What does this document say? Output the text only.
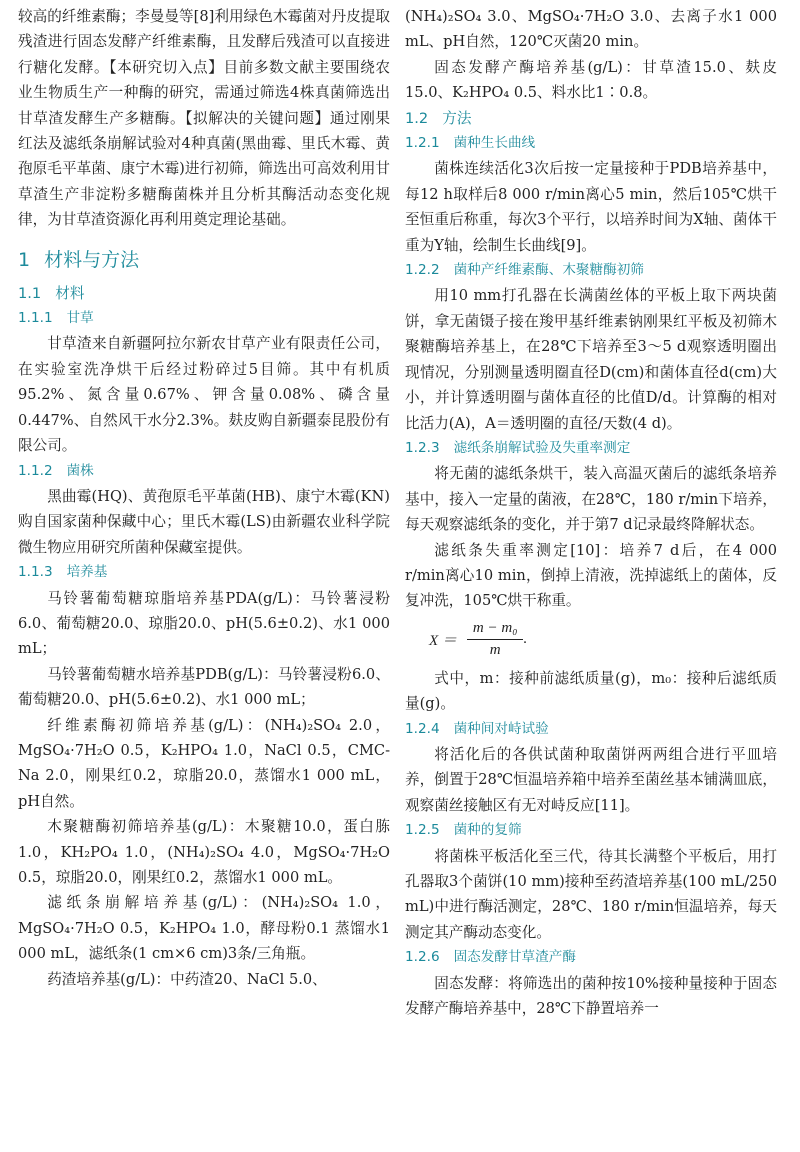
较高的纤维素酶；李曼曼等[8]利用绿色木霉菌对丹皮提取残渣进行固态发酵产纤维素酶，且发酵后残渣可以直接进行糖化发酵。【本研究切入点】目前多数文献主要围绕农业生物质生产一种酶的研究，需通过筛选4株真菌筛选出甘草渣发酵生产多糖酶。【拟解决的关键问题】通过刚果红法及滤纸条崩解试验对4种真菌(黑曲霉、里氏木霉、黄孢原毛平革菌、康宁木霉)进行初筛，筛选出可高效利用甘草渣生产非淀粉多糖酶菌株并且分析其酶活动态变化规律，为甘草渣资源化再利用奠定理论基础。

1 材料与方法
1.1 材料
1.1.1 甘草

甘草渣来自新疆阿拉尔新农甘草产业有限责任公司，在实验室洗净烘干后经过粉碎过5目筛。其中有机质95.2%、氮含量0.67%、钾含量0.08%、磷含量0.447%、自然风干水分2.3%。麸皮购自新疆泰昆股份有限公司。

1.1.2 菌株

黑曲霉(HQ)、黄孢原毛平革菌(HB)、康宁木霉(KN)购自国家菌种保藏中心；里氏木霉(LS)由新疆农业科学院微生物应用研究所菌种保藏室提供。

1.1.3 培养基

马铃薯葡萄糖琼脂培养基PDA(g/L)：马铃薯浸粉6.0、葡萄糖20.0、琼脂20.0、pH(5.6±0.2)、水1 000 mL；

马铃薯葡萄糖水培养基PDB(g/L)：马铃薯浸粉6.0、葡萄糖20.0、pH(5.6±0.2)、水1 000 mL；

纤维素酶初筛培养基(g/L)：(NH₄)₂SO₄ 2.0，MgSO₄·7H₂O 0.5，K₂HPO₄ 1.0，NaCl 0.5，CMC-Na 2.0，刚果红0.2，琼脂20.0，蒸馏水1 000 mL，pH自然。

木聚糖酶初筛培养基(g/L)：木聚糖10.0，蛋白胨1.0，KH₂PO₄ 1.0，(NH₄)₂SO₄ 4.0，MgSO₄·7H₂O 0.5，琼脂20.0，刚果红0.2，蒸馏水1 000 mL。

滤纸条崩解培养基(g/L)：(NH₄)₂SO₄ 1.0，MgSO₄·7H₂O 0.5，K₂HPO₄ 1.0，酵母粉0.1 蒸馏水1 000 mL，滤纸条(1 cm×6 cm)3条/三角瓶。

药渣培养基(g/L)：中药渣20、NaCl 5.0、

(NH₄)₂SO₄ 3.0、MgSO₄·7H₂O 3.0、去离子水1 000 mL、pH自然，120℃灭菌20 min。

固态发酵产酶培养基(g/L)：甘草渣15.0、麸皮15.0、K₂HPO₄ 0.5、料水比1∶0.8。

1.2 方法
1.2.1 菌种生长曲线

菌株连续活化3次后按一定量接种于PDB培养基中，每12 h取样后8 000 r/min离心5 min，然后105℃烘干至恒重后称重，每次3个平行，以培养时间为X轴、菌体干重为Y轴，绘制生长曲线[9]。

1.2.2 菌种产纤维素酶、木聚糖酶初筛

用10 mm打孔器在长满菌丝体的平板上取下两块菌饼，拿无菌镊子接在羧甲基纤维素钠刚果红平板及初筛木聚糖酶培养基上，在28℃下培养至3～5 d观察透明圈出现情况，分别测量透明圈直径D(cm)和菌体直径d(cm)大小，并计算透明圈与菌体直径的比值D/d。计算酶的相对比活力(A)，A＝透明圈的直径/天数(4 d)。

1.2.3 滤纸条崩解试验及失重率测定

将无菌的滤纸条烘干，装入高温灭菌后的滤纸条培养基中，接入一定量的菌液，在28℃，180 r/min下培养，每天观察滤纸条的变化，并于第7 d记录最终降解状态。

滤纸条失重率测定[10]：培养7 d后，在4 000 r/min离心10 min，倒掉上清液，洗掉滤纸上的菌体，反复冲洗，105℃烘干称重。

$X = \frac{\text{m − m₀}}{m}$ .

式中，m：接种前滤纸质量(g)，m₀：接种后滤纸质量(g)。

1.2.4 菌种间对峙试验

将活化后的各供试菌种取菌饼两两组合进行平皿培养，倒置于28℃恒温培养箱中培养至菌丝基本铺满皿底，观察菌丝接触区有无对峙反应[11]。

1.2.5 菌种的复筛

将菌株平板活化至三代，待其长满整个平板后，用打孔器取3个菌饼(10 mm)接种至药渣培养基(100 mL/250 mL)中进行酶活测定，28℃、180 r/min恒温培养，每天测定其产酶动态变化。

1.2.6 固态发酵甘草渣产酶

固态发酵：将筛选出的菌种按10%接种量接种于固态发酵产酶培养基中，28℃下静置培养一
